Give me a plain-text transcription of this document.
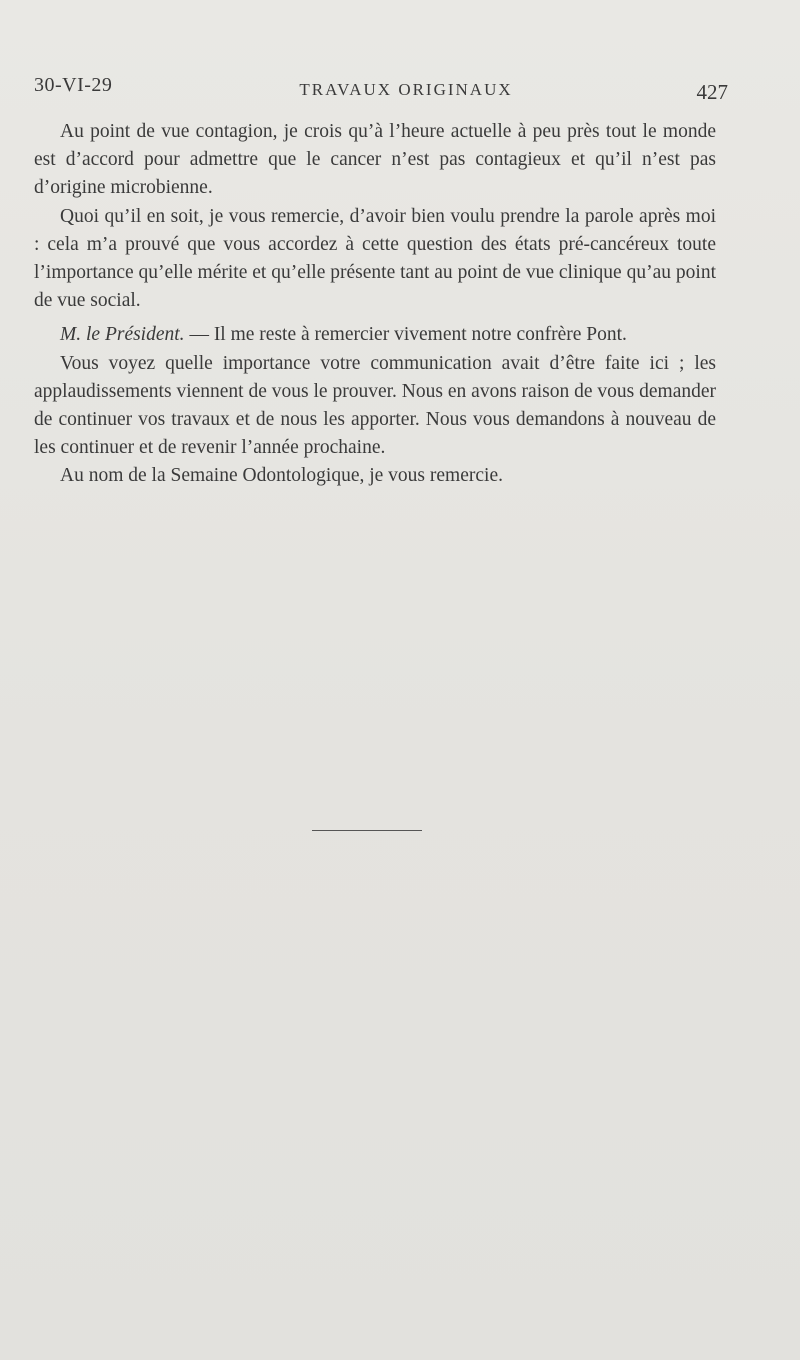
30-VI-29	TRAVAUX ORIGINAUX	427

Au point de vue contagion, je crois qu’à l’heure actuelle à peu près tout le monde est d’accord pour admettre que le cancer n’est pas contagieux et qu’il n’est pas d’origine microbienne.

Quoi qu’il en soit, je vous remercie, d’avoir bien voulu prendre la parole après moi : cela m’a prouvé que vous accordez à cette question des états pré-cancéreux toute l’importance qu’elle mérite et qu’elle présente tant au point de vue clinique qu’au point de vue social.

M. le Président. — Il me reste à remercier vivement notre confrère Pont.

Vous voyez quelle importance votre communication avait d’être faite ici ; les applaudissements viennent de vous le prouver. Nous en avons raison de vous demander de continuer vos travaux et de nous les apporter. Nous vous demandons à nouveau de les continuer et de revenir l’année prochaine.

Au nom de la Semaine Odontologique, je vous remercie.
